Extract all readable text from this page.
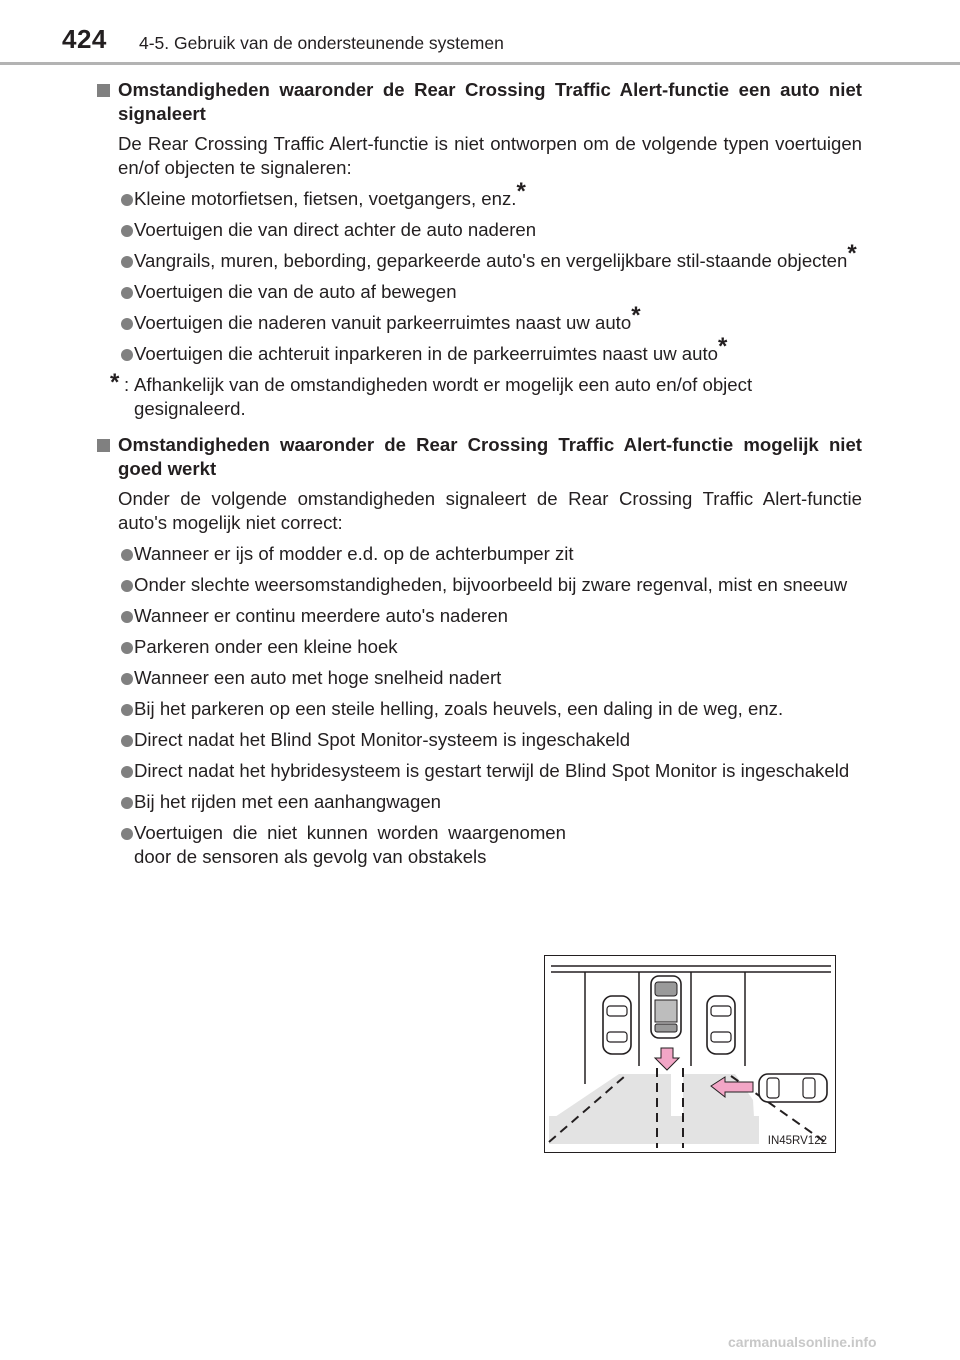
424 4-5. Gebruik van de ondersteunende systemen
Omstandigheden waaronder de Rear Crossing Traffic Alert-functie een auto niet signaleert
De Rear Crossing Traffic Alert-functie is niet ontworpen om de volgende typen voertuigen en/of objecten te signaleren:
Kleine motorfietsen, fietsen, voetgangers, enz.*
Voertuigen die van direct achter de auto naderen
Vangrails, muren, bebording, geparkeerde auto's en vergelijkbare stil-staande objecten*
Voertuigen die van de auto af bewegen
Voertuigen die naderen vanuit parkeerruimtes naast uw auto*
Voertuigen die achteruit inparkeren in de parkeerruimtes naast uw auto*
* : Afhankelijk van de omstandigheden wordt er mogelijk een auto en/of object gesignaleerd.
Omstandigheden waaronder de Rear Crossing Traffic Alert-functie mogelijk niet goed werkt
Onder de volgende omstandigheden signaleert de Rear Crossing Traffic Alert-functie auto's mogelijk niet correct:
Wanneer er ijs of modder e.d. op de achterbumper zit
Onder slechte weersomstandigheden, bijvoorbeeld bij zware regenval, mist en sneeuw
Wanneer er continu meerdere auto's naderen
Parkeren onder een kleine hoek
Wanneer een auto met hoge snelheid nadert
Bij het parkeren op een steile helling, zoals heuvels, een daling in de weg, enz.
Direct nadat het Blind Spot Monitor-systeem is ingeschakeld
Direct nadat het hybridesysteem is gestart terwijl de Blind Spot Monitor is ingeschakeld
Bij het rijden met een aanhangwagen
Voertuigen die niet kunnen worden waargenomen door de sensoren als gevolg van obstakels
IN45RV122
carmanualsonline.info
